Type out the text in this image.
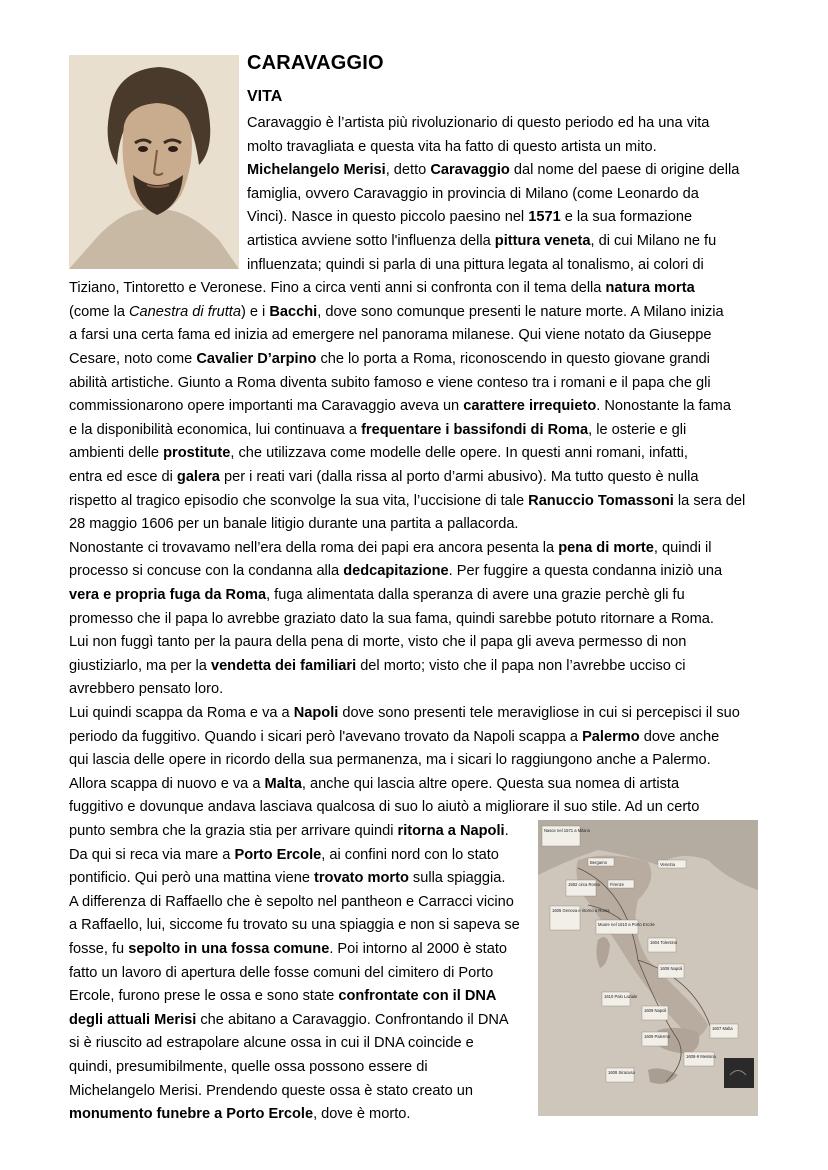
CARAVAGGIO
VITA
Caravaggio è l’artista più rivoluzionario di questo periodo ed ha una vita
molto travagliata e questa vita ha fatto di questo artista un mito.
Michelangelo Merisi, detto Caravaggio dal nome del paese di origine della
famiglia, ovvero Caravaggio in provincia di Milano (come Leonardo da
Vinci). Nasce in questo piccolo paesino nel 1571 e la sua formazione
artistica avviene sotto l'influenza della pittura veneta, di cui Milano ne fu
influenzata; quindi si parla di una pittura legata al tonalismo, ai colori di
Tiziano, Tintoretto e Veronese. Fino a circa venti anni si confronta con il tema della natura morta
(come la Canestra di frutta) e i Bacchi, dove sono comunque presenti le nature morte. A Milano inizia
a farsi una certa fama ed inizia ad emergere nel panorama milanese. Qui viene notato da Giuseppe
Cesare, noto come Cavalier D’arpino che lo porta a Roma, riconoscendo in questo giovane grandi
abilità artistiche. Giunto a Roma diventa subito famoso e viene conteso tra i romani e il papa che gli
commissionarono opere importanti ma Caravaggio aveva un carattere irrequieto. Nonostante la fama
e la disponibilità economica, lui continuava a frequentare i bassifondi di Roma, le osterie e gli
ambienti delle prostitute, che utilizzava come modelle delle opere. In questi anni romani, infatti,
entra ed esce di galera per i reati vari (dalla rissa al porto d’armi abusivo). Ma tutto questo è nulla
rispetto al tragico episodio che sconvolge la sua vita, l’uccisione di tale Ranuccio Tomassoni la sera del
28 maggio 1606 per un banale litigio durante una partita a pallacorda.
Nonostante ci trovavamo nell’era della roma dei papi era ancora pesenta la pena di morte, quindi il
processo si concuse con la condanna alla dedcapitazione. Per fuggire a questa condanna iniziò una
vera e propria fuga da Roma, fuga alimentata dalla speranza di avere una grazie perchè gli fu
promesso che il papa lo avrebbe graziato dato la sua fama, quindi sarebbe potuto ritornare a Roma.
Lui non fuggì tanto per la paura della pena di morte, visto che il papa gli aveva permesso di non
giustiziarlo, ma per la vendetta dei familiari del morto; visto che il papa non l’avrebbe ucciso ci
avrebbero pensato loro.
Lui quindi scappa da Roma e va a Napoli dove sono presenti tele meravigliose in cui si percepisci il suo
periodo da fuggitivo. Quando i sicari però l'avevano trovato da Napoli scappa a Palermo dove anche
qui lascia delle opere in ricordo della sua permanenza, ma i sicari lo raggiungono anche a Palermo.
Allora scappa di nuovo e va a Malta, anche qui lascia altre opere. Questa sua nomea di artista
fuggitivo e dovunque andava lasciava qualcosa di suo lo aiutò a migliorare il suo stile. Ad un certo
punto sembra che la grazia stia per arrivare quindi ritorna a Napoli.
Da qui si reca via mare a Porto Ercole, ai confini nord con lo stato
pontificio. Qui però una mattina viene trovato morto sulla spiaggia.
A differenza di Raffaello che è sepolto nel pantheon e Carracci vicino
a Raffaello, lui, siccome fu trovato su una spiaggia e non si sapeva se
fosse, fu sepolto in una fossa comune. Poi intorno al 2000 è stato
fatto un lavoro di apertura delle fosse comuni del cimitero di Porto
Ercole, furono prese le ossa e sono state confrontate con il DNA
degli attuali Merisi che abitano a Caravaggio. Confrontando il DNA
si è riuscito ad estrapolare alcune ossa in cui il DNA coincide e
quindi, presumibilmente, quelle ossa possono essere di
Michelangelo Merisi. Prendendo queste ossa è stato creato un
monumento funebre a Porto Ercole, dove è morto.
Nasce nel 1571 a Milano
Bergamo	Venezia
Firenze
1592 circa Roma
1605 Genova e ritorno a Roma
Muore nel 1610 a Porto Ercole
1604 Tolentino
1606 Napoli
1610 Palo Laziale
1609 Napoli
1609 Palermo
1607 Malta
1608 Siracusa
1608-9 Messina
